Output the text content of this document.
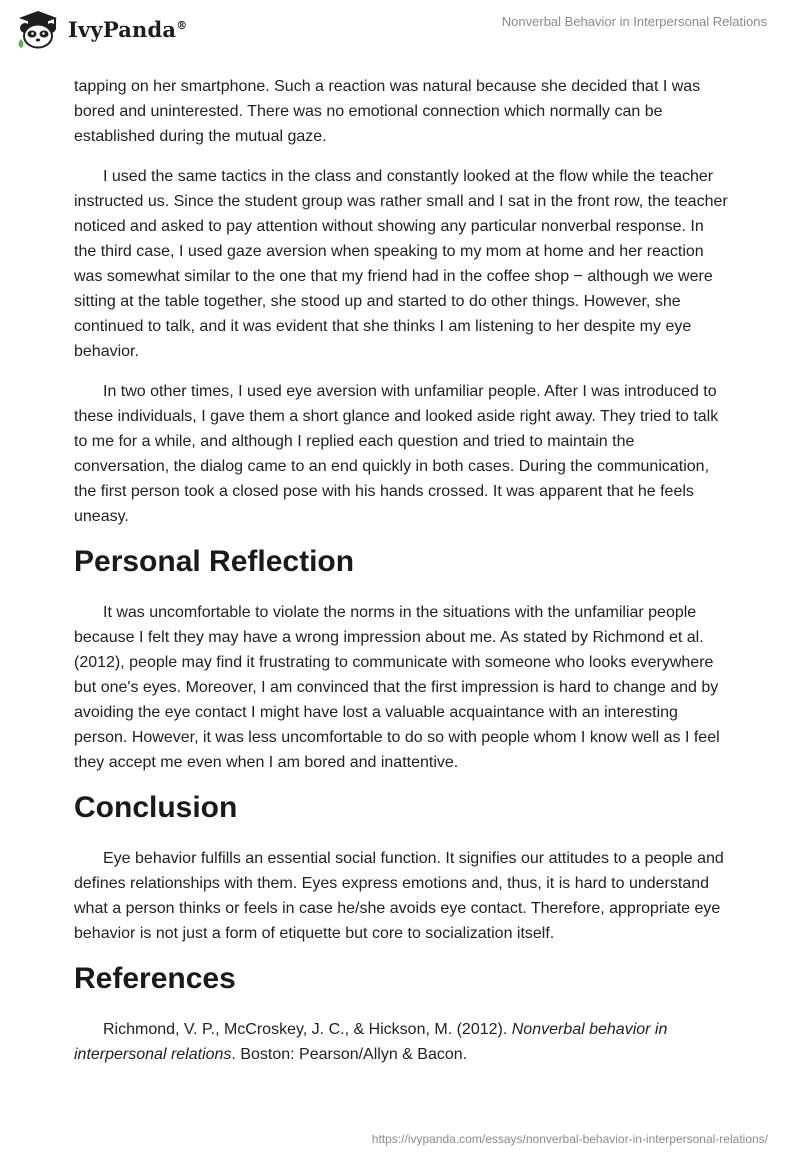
IvyPanda®	Nonverbal Behavior in Interpersonal Relations

tapping on her smartphone. Such a reaction was natural because she decided that I was bored and uninterested. There was no emotional connection which normally can be established during the mutual gaze.

I used the same tactics in the class and constantly looked at the flow while the teacher instructed us. Since the student group was rather small and I sat in the front row, the teacher noticed and asked to pay attention without showing any particular nonverbal response. In the third case, I used gaze aversion when speaking to my mom at home and her reaction was somewhat similar to the one that my friend had in the coffee shop − although we were sitting at the table together, she stood up and started to do other things. However, she continued to talk, and it was evident that she thinks I am listening to her despite my eye behavior.

In two other times, I used eye aversion with unfamiliar people. After I was introduced to these individuals, I gave them a short glance and looked aside right away. They tried to talk to me for a while, and although I replied each question and tried to maintain the conversation, the dialog came to an end quickly in both cases. During the communication, the first person took a closed pose with his hands crossed. It was apparent that he feels uneasy.

Personal Reflection

It was uncomfortable to violate the norms in the situations with the unfamiliar people because I felt they may have a wrong impression about me. As stated by Richmond et al. (2012), people may find it frustrating to communicate with someone who looks everywhere but one's eyes. Moreover, I am convinced that the first impression is hard to change and by avoiding the eye contact I might have lost a valuable acquaintance with an interesting person. However, it was less uncomfortable to do so with people whom I know well as I feel they accept me even when I am bored and inattentive.

Conclusion

Eye behavior fulfills an essential social function. It signifies our attitudes to a people and defines relationships with them. Eyes express emotions and, thus, it is hard to understand what a person thinks or feels in case he/she avoids eye contact. Therefore, appropriate eye behavior is not just a form of etiquette but core to socialization itself.

References

Richmond, V. P., McCroskey, J. C., & Hickson, M. (2012). Nonverbal behavior in interpersonal relations. Boston: Pearson/Allyn & Bacon.

https://ivypanda.com/essays/nonverbal-behavior-in-interpersonal-relations/
